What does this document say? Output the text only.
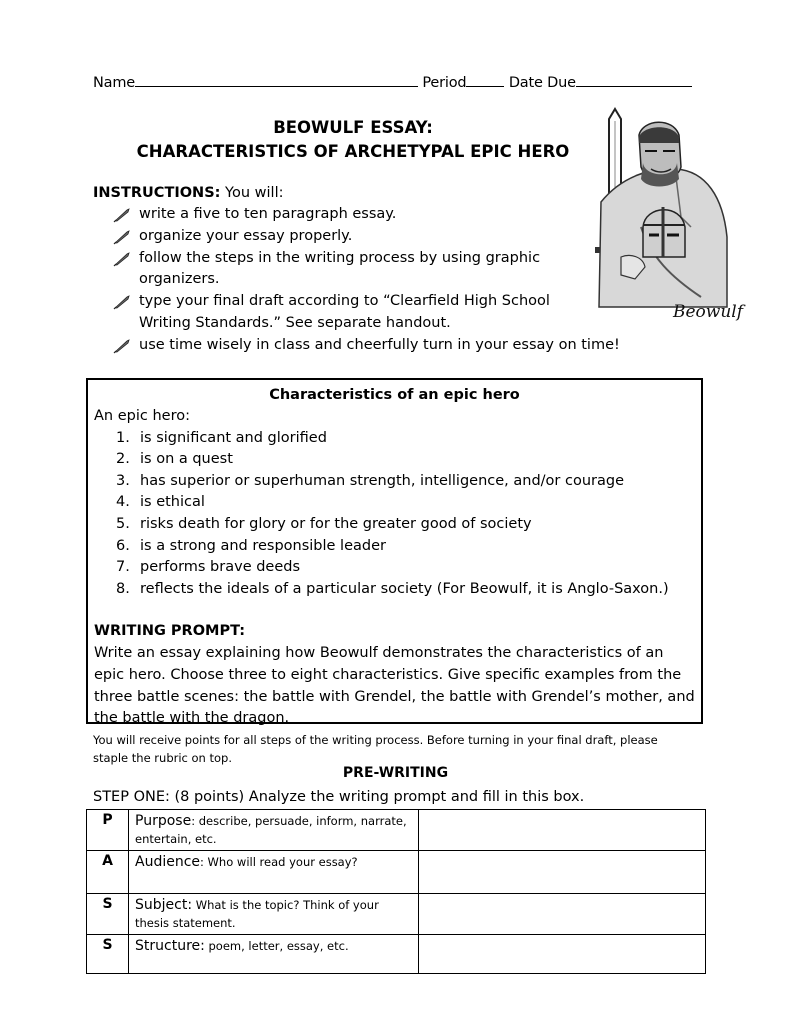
Name	Period	Date Due
BEOWULF ESSAY:
CHARACTERISTICS OF ARCHETYPAL EPIC HERO
INSTRUCTIONS: You will:
write a five to ten paragraph essay.
organize your essay properly.
follow the steps in the writing process by using graphic organizers.
type your final draft according to “Clearfield High School Writing Standards.” See separate handout.
use time wisely in class and cheerfully turn in your essay on time!
Beowulf
Characteristics of an epic hero
An epic hero:
1. is significant and glorified
2. is on a quest
3. has superior or superhuman strength, intelligence, and/or courage
4. is ethical
5. risks death for glory or for the greater good of society
6. is a strong and responsible leader
7. performs brave deeds
8. reflects the ideals of a particular society (For Beowulf, it is Anglo-Saxon.)
WRITING PROMPT:
Write an essay explaining how Beowulf demonstrates the characteristics of an epic hero. Choose three to eight characteristics. Give specific examples from the three battle scenes: the battle with Grendel, the battle with Grendel’s mother, and the battle with the dragon.
You will receive points for all steps of the writing process. Before turning in your final draft, please staple the rubric on top.
PRE-WRITING
STEP ONE: (8 points) Analyze the writing prompt and fill in this box.
P	Purpose: describe, persuade, inform, narrate, entertain, etc.	
A	Audience: Who will read your essay?	
S	Subject: What is the topic? Think of your thesis statement.	
S	Structure: poem, letter, essay, etc.	
